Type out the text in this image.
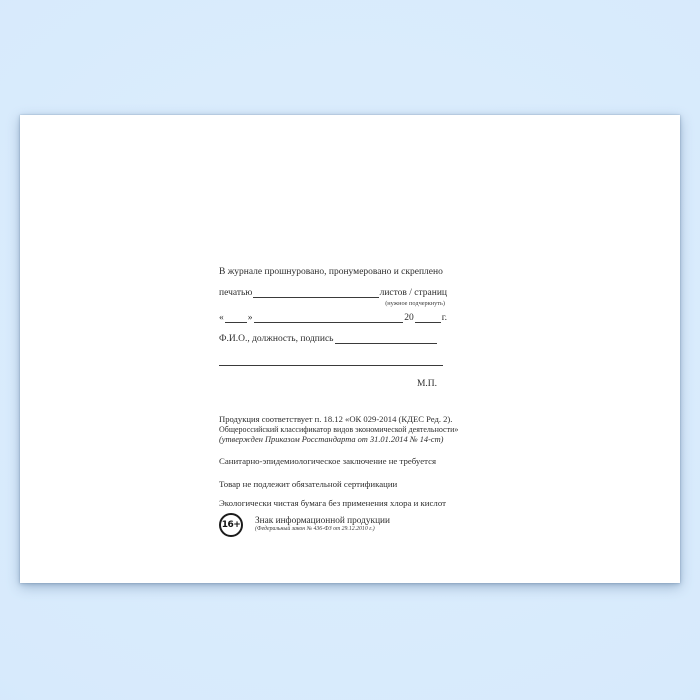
В журнале прошнуровано, пронумеровано и скреплено
печатью	листов / страниц
(нужное подчеркнуть)
«	»	20	г.
Ф.И.О., должность, подпись
М.П.
Продукция соответствует п. 18.12 «ОК 029-2014 (КДЕС Ред. 2).
Общероссийский классификатор видов экономической деятельности»
(утвержден Приказом Росстандарта от 31.01.2014 № 14-ст)
Санитарно-эпидемиологическое заключение не требуется
Товар не подлежит обязательной сертификации
Экологически чистая бумага без применения хлора и кислот
16+ Знак информационной продукции
(Федеральный закон № 436-ФЗ от 29.12.2010 г.)
